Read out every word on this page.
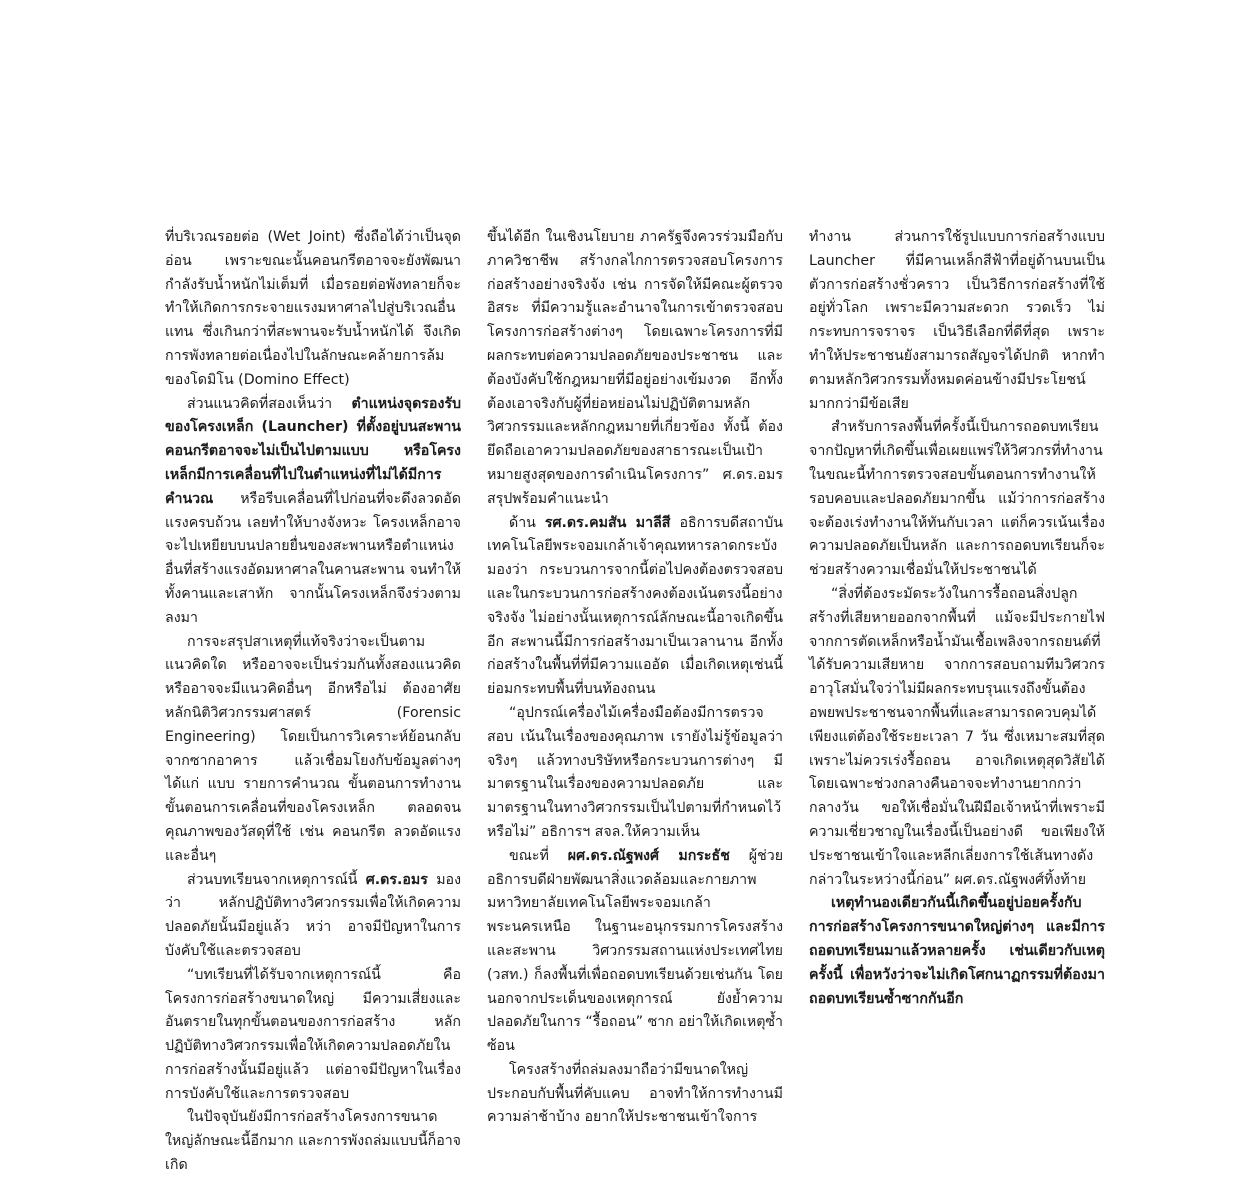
ที่บริเวณรอยต่อ (Wet Joint) ซึ่งถือได้ว่าเป็นจุดอ่อน เพราะขณะนั้นคอนกรีตอาจจะยังพัฒนากำลังรับน้ำหนักไม่เต็มที่ เมื่อรอยต่อพังทลายก็จะทำให้เกิดการกระจายแรงมหาศาลไปสู่บริเวณอื่นแทน ซึ่งเกินกว่าที่สะพานจะรับน้ำหนักได้ จึงเกิดการพังทลายต่อเนื่องไปในลักษณะคล้ายการล้มของโดมิโน (Domino Effect)

ส่วนแนวคิดที่สองเห็นว่า ตำแหน่งจุดรองรับของโครงเหล็ก (Launcher) ที่ตั้งอยู่บนสะพานคอนกรีตอาจจะไม่เป็นไปตามแบบ หรือโครงเหล็กมีการเคลื่อนที่ไปในตำแหน่งที่ไม่ได้มีการคำนวณ หรือรีบเคลื่อนที่ไปก่อนที่จะดึงลวดอัดแรงครบถ้วน เลยทำให้บางจังหวะ โครงเหล็กอาจจะไปเหยียบบนปลายยื่นของสะพานหรือตำแหน่งอื่นที่สร้างแรงอัดมหาศาลในคานสะพาน จนทำให้ทั้งคานและเสาหัก จากนั้นโครงเหล็กจึงร่วงตามลงมา

การจะสรุปสาเหตุที่แท้จริงว่าจะเป็นตามแนวคิดใด หรืออาจจะเป็นร่วมกันทั้งสองแนวคิด หรืออาจจะมีแนวคิดอื่นๆ อีกหรือไม่ ต้องอาศัยหลักนิติวิศวกรรมศาสตร์ (Forensic Engineering) โดยเป็นการวิเคราะห์ย้อนกลับจากซากอาคาร แล้วเชื่อมโยงกับข้อมูลต่างๆ ได้แก่ แบบ รายการคำนวณ ขั้นตอนการทำงาน ขั้นตอนการเคลื่อนที่ของโครงเหล็ก ตลอดจนคุณภาพของวัสดุที่ใช้ เช่น คอนกรีต ลวดอัดแรง และอื่นๆ

ส่วนบทเรียนจากเหตุการณ์นี้ ศ.ดร.อมร มองว่า หลักปฏิบัติทางวิศวกรรมเพื่อให้เกิดความปลอดภัยนั้นมีอยู่แล้ว หว่า อาจมีปัญหาในการบังคับใช้และตรวจสอบ

“บทเรียนที่ได้รับจากเหตุการณ์นี้ คือ โครงการก่อสร้างขนาดใหญ่ มีความเสี่ยงและอันตรายในทุกขั้นตอนของการก่อสร้าง หลักปฏิบัติทางวิศวกรรมเพื่อให้เกิดความปลอดภัยในการก่อสร้างนั้นมีอยู่แล้ว แต่อาจมีปัญหาในเรื่องการบังคับใช้และการตรวจสอบ

ในปัจจุบันยังมีการก่อสร้างโครงการขนาดใหญ่ลักษณะนี้อีกมาก และการพังถล่มแบบนี้ก็อาจเกิด

ขึ้นได้อีก ในเชิงนโยบาย ภาครัฐจึงควรร่วมมือกับภาควิชาชีพ สร้างกลไกการตรวจสอบโครงการก่อสร้างอย่างจริงจัง เช่น การจัดให้มีคณะผู้ตรวจอิสระ ที่มีความรู้และอำนาจในการเข้าตรวจสอบโครงการก่อสร้างต่างๆ โดยเฉพาะโครงการที่มีผลกระทบต่อความปลอดภัยของประชาชน และต้องบังคับใช้กฎหมายที่มีอยู่อย่างเข้มงวด อีกทั้งต้องเอาจริงกับผู้ที่ย่อหย่อนไม่ปฏิบัติตามหลักวิศวกรรมและหลักกฎหมายที่เกี่ยวข้อง ทั้งนี้ ต้องยึดถือเอาความปลอดภัยของสาธารณะเป็นเป้าหมายสูงสุดของการดำเนินโครงการ” ศ.ดร.อมรสรุปพร้อมคำแนะนำ

ด้าน รศ.ดร.คมสัน มาลีสี อธิการบดีสถาบันเทคโนโลยีพระจอมเกล้าเจ้าคุณทหารลาดกระบัง มองว่า กระบวนการจากนี้ต่อไปคงต้องตรวจสอบ และในกระบวนการก่อสร้างคงต้องเน้นตรงนี้อย่างจริงจัง ไม่อย่างนั้นเหตุการณ์ลักษณะนี้อาจเกิดขึ้นอีก สะพานนี้มีการก่อสร้างมาเป็นเวลานาน อีกทั้งก่อสร้างในพื้นที่ที่มีความแออัด เมื่อเกิดเหตุเช่นนี้ย่อมกระทบพื้นที่บนท้องถนน

“อุปกรณ์เครื่องไม้เครื่องมือต้องมีการตรวจสอบ เน้นในเรื่องของคุณภาพ เรายังไม่รู้ข้อมูลว่าจริงๆ แล้วทางบริษัทหรือกระบวนการต่างๆ มีมาตรฐานในเรื่องของความปลอดภัย และมาตรฐานในทางวิศวกรรมเป็นไปตามที่กำหนดไว้หรือไม่” อธิการฯ สจล.ให้ความเห็น

ขณะที่ ผศ.ดร.ณัฐพงศ์ มกระธัช ผู้ช่วยอธิการบดีฝ่ายพัฒนาสิ่งแวดล้อมและกายภาพ มหาวิทยาลัยเทคโนโลยีพระจอมเกล้าพระนครเหนือ ในฐานะอนุกรรมการโครงสร้างและสะพาน วิศวกรรมสถานแห่งประเทศไทย (วสท.) ก็ลงพื้นที่เพื่อถอดบทเรียนด้วยเช่นกัน โดยนอกจากประเด็นของเหตุการณ์ ยังย้ำความปลอดภัยในการ “รื้อถอน” ซาก อย่าให้เกิดเหตุซ้ำซ้อน

โครงสร้างที่ถล่มลงมาถือว่ามีขนาดใหญ่ ประกอบกับพื้นที่คับแคบ อาจทำให้การทำงานมีความล่าช้าบ้าง อยากให้ประชาชนเข้าใจการ

ทำงาน ส่วนการใช้รูปแบบการก่อสร้างแบบ Launcher ที่มีคานเหล็กสีฟ้าที่อยู่ด้านบนเป็นตัวการก่อสร้างชั่วคราว เป็นวิธีการก่อสร้างที่ใช้อยู่ทั่วโลก เพราะมีความสะดวก รวดเร็ว ไม่กระทบการจราจร เป็นวิธีเลือกที่ดีที่สุด เพราะทำให้ประชาชนยังสามารถสัญจรได้ปกติ หากทำตามหลักวิศวกรรมทั้งหมดค่อนข้างมีประโยชน์มากกว่ามีข้อเสีย

สำหรับการลงพื้นที่ครั้งนี้เป็นการถอดบทเรียนจากปัญหาที่เกิดขึ้นเพื่อเผยแพร่ให้วิศวกรที่ทำงานในขณะนี้ทำการตรวจสอบขั้นตอนการทำงานให้รอบคอบและปลอดภัยมากขึ้น แม้ว่าการก่อสร้างจะต้องเร่งทำงานให้ทันกับเวลา แต่ก็ควรเน้นเรื่องความปลอดภัยเป็นหลัก และการถอดบทเรียนก็จะช่วยสร้างความเชื่อมั่นให้ประชาชนได้

“สิ่งที่ต้องระมัดระวังในการรื้อถอนสิ่งปลูกสร้างที่เสียหายออกจากพื้นที่ แม้จะมีประกายไฟจากการตัดเหล็กหรือน้ำมันเชื้อเพลิงจากรถยนต์ที่ได้รับความเสียหาย จากการสอบถามทีมวิศวกรอาวุโสมั่นใจว่าไม่มีผลกระทบรุนแรงถึงขั้นต้องอพยพประชาชนจากพื้นที่และสามารถควบคุมได้ เพียงแต่ต้องใช้ระยะเวลา 7 วัน ซึ่งเหมาะสมที่สุด เพราะไม่ควรเร่งรื้อถอน อาจเกิดเหตุสุดวิสัยได้ โดยเฉพาะช่วงกลางคืนอาจจะทำงานยากกว่ากลางวัน ขอให้เชื่อมั่นในฝีมือเจ้าหน้าที่เพราะมีความเชี่ยวชาญในเรื่องนี้เป็นอย่างดี ขอเพียงให้ประชาชนเข้าใจและหลีกเลี่ยงการใช้เส้นทางดังกล่าวในระหว่างนี้ก่อน” ผศ.ดร.ณัฐพงศ์ทิ้งท้าย

เหตุทำนองเดียวกันนี้เกิดขึ้นอยู่บ่อยครั้งกับการก่อสร้างโครงการขนาดใหญ่ต่างๆ และมีการถอดบทเรียนมาแล้วหลายครั้ง เช่นเดียวกับเหตุครั้งนี้ เพื่อหวังว่าจะไม่เกิดโศกนาฏกรรมที่ต้องมาถอดบทเรียนซ้ำซากกันอีก
